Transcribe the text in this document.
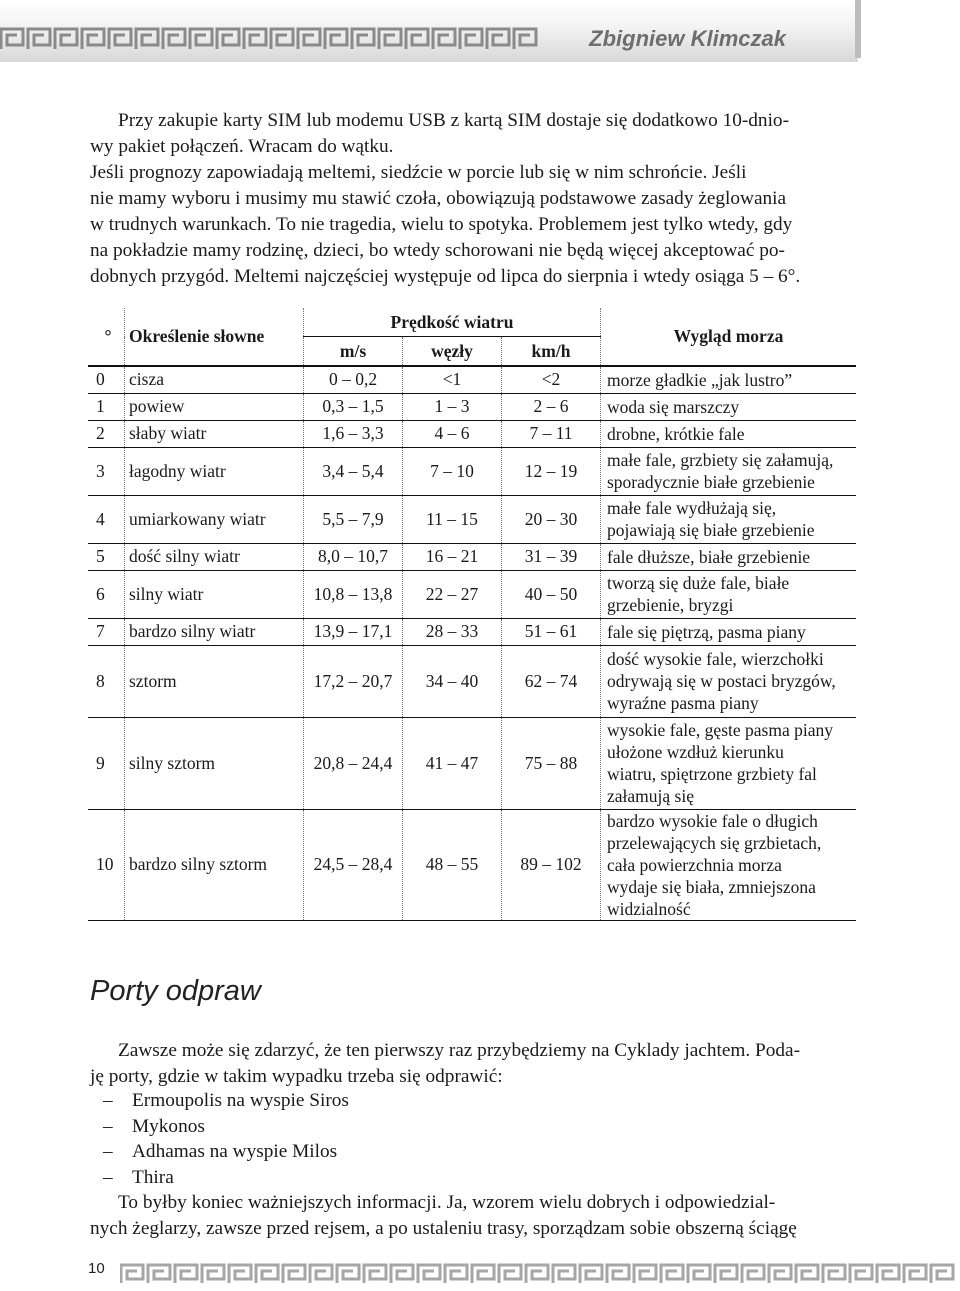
Zbigniew Klimczak
Przy zakupie karty SIM lub modemu USB z kartą SIM dostaje się dodatkowo 10-dnio-
wy pakiet połączeń. Wracam do wątku.
Jeśli prognozy zapowiadają meltemi, siedźcie w porcie lub się w nim schrońcie. Jeśli
nie mamy wyboru i musimy mu stawić czoła, obowiązują podstawowe zasady żeglowania
w trudnych warunkach. To nie tragedia, wielu to spotyka. Problemem jest tylko wtedy, gdy
na pokładzie mamy rodzinę, dzieci, bo wtedy schorowani nie będą więcej akceptować po-
dobnych przygód. Meltemi najczęściej występuje od lipca do sierpnia i wtedy osiąga 5 – 6°.
°	Określenie słowne	Prędkość wiatru			Wygląd morza
		m/s	węzły	km/h	
0	cisza	0 – 0,2	<1	<2	morze gładkie „jak lustro”

1	powiew	0,3 – 1,5	1 – 3	2 – 6	woda się marszczy

2	słaby wiatr	1,6 – 3,3	4 – 6	7 – 11	drobne, krótkie fale

3	łagodny wiatr	3,4 – 5,4	7 – 10	12 – 19	małe fale, grzbiety się załamują,
sporadycznie białe grzebienie

4	umiarkowany wiatr	5,5 – 7,9	11 – 15	20 – 30	małe fale wydłużają się,
pojawiają się białe grzebienie

5	dość silny wiatr	8,0 – 10,7	16 – 21	31 – 39	fale dłuższe, białe grzebienie

6	silny wiatr	10,8 – 13,8	22 – 27	40 – 50	tworzą się duże fale, białe
grzebienie, bryzgi

7	bardzo silny wiatr	13,9 – 17,1	28 – 33	51 – 61	fale się piętrzą, pasma piany

8	sztorm	17,2 – 20,7	34 – 40	62 – 74	dość wysokie fale, wierzchołki
odrywają się w postaci bryzgów,
wyraźne pasma piany

9	silny sztorm	20,8 – 24,4	41 – 47	75 – 88	wysokie fale, gęste pasma piany
ułożone wzdłuż kierunku
wiatru, spiętrzone grzbiety fal
załamują się

10	bardzo silny sztorm	24,5 – 28,4	48 – 55	89 – 102	bardzo wysokie fale o długich
przelewających się grzbietach,
cała powierzchnia morza
wydaje się biała, zmniejszona
widzialność
Porty odpraw
Zawsze może się zdarzyć, że ten pierwszy raz przybędziemy na Cyklady jachtem. Poda-
ję porty, gdzie w takim wypadku trzeba się odprawić:
– Ermoupolis na wyspie Siros
– Mykonos
– Adhamas na wyspie Milos
– Thira
To byłby koniec ważniejszych informacji. Ja, wzorem wielu dobrych i odpowiedzial-
nych żeglarzy, zawsze przed rejsem, a po ustaleniu trasy, sporządzam sobie obszerną ściągę
10
